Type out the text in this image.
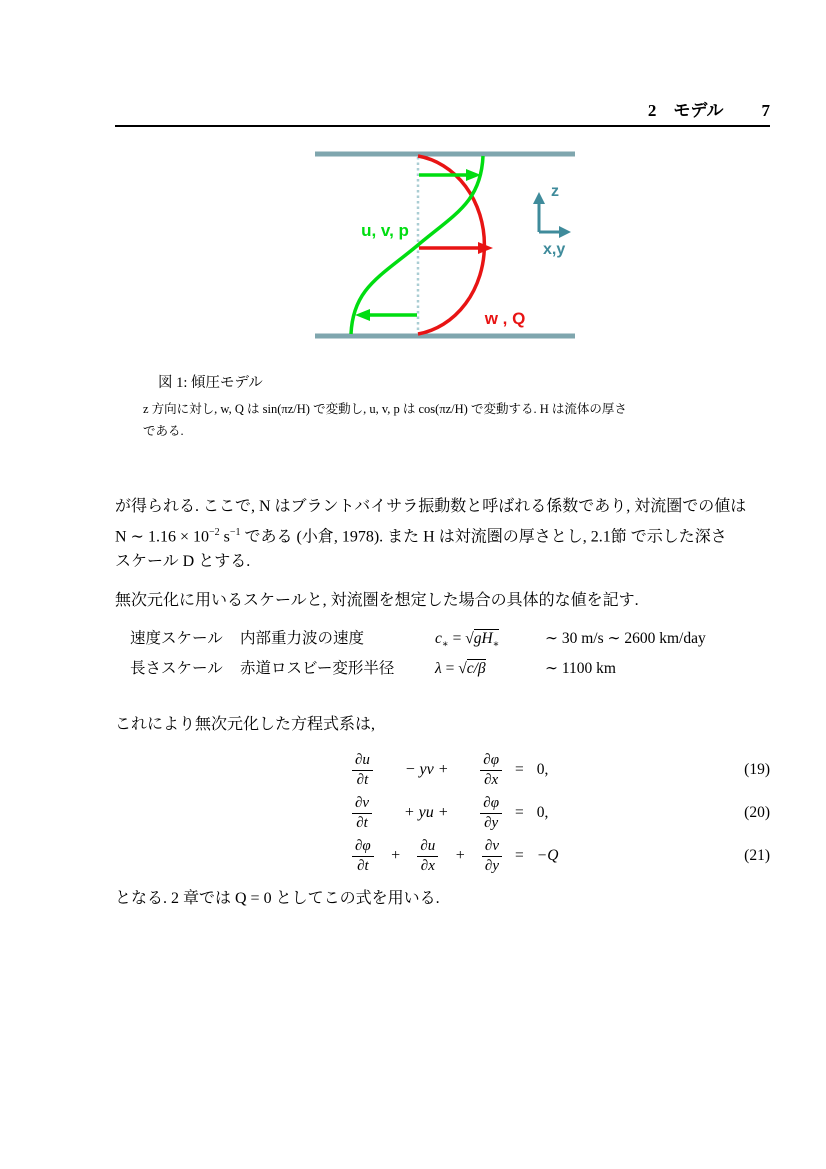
2　モデル 7
u, v, p
w , Q
z
x,y
図 1: 傾圧モデル
z 方向に対し, w, Q は sin(πz/H) で変動し, u, v, p は cos(πz/H) で変動する. H は流体の厚さ
である.
が得られる. ここで, N はブラントバイサラ振動数と呼ばれる係数であり, 対流圏での値は
N ∼ $1.16 \times 10^{-2}$ $s^{-1}$ である (小倉, 1978). また H は対流圏の厚さとし, 2.1節 で示した深さ
スケール D とする.
無次元化に用いるスケールと, 対流圏を想定した場合の具体的な値を記す.
速度スケール	内部重力波の速度	$c_∗ = √gH_∗$	∼ 30 m/s ∼ 2600 km/day
長さスケール	赤道ロスビー変形半径	λ = √c/β	∼ 1100 km
これにより無次元化した方程式系は,
$\frac{\partial u}{\partial t}$ − yv + $\frac{\partial\varphi}{\partial x} = 0$,	(19)
$\frac{\partial v}{\partial t}$ + yu + $\frac{\partial\varphi}{\partial y} = 0$,	(20)
$\frac{\partial\varphi}{\partial t} + \frac{\partial u}{\partial x} + \frac{\partial v}{\partial y} = -Q$	(21)
となる. 2 章では Q = 0 としてこの式を用いる.
